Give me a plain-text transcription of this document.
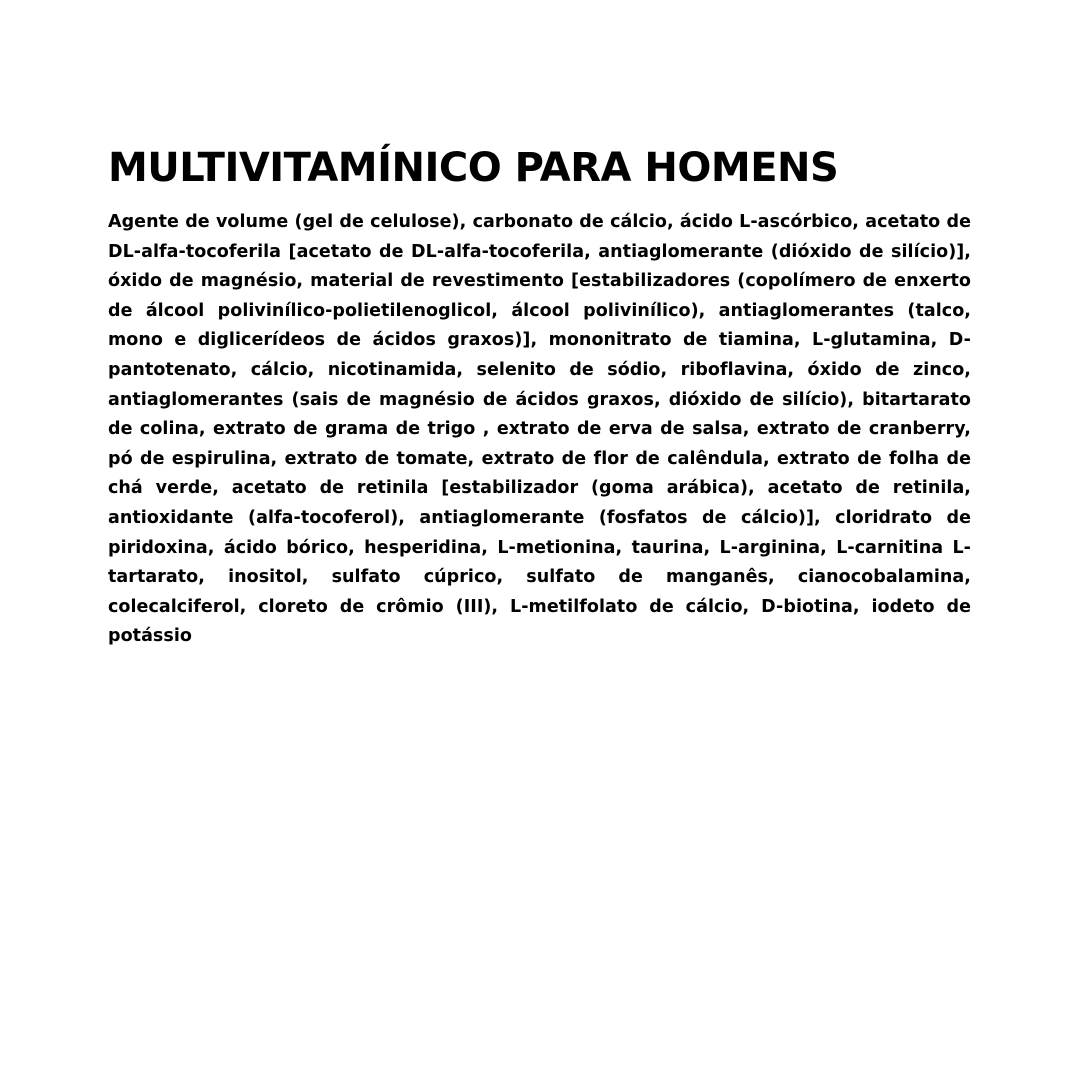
MULTIVITAMÍNICO PARA HOMENS

Agente de volume (gel de celulose), carbonato de cálcio, ácido L-ascórbico, acetato de DL-alfa-tocoferila [acetato de DL-alfa-tocoferila, antiaglomerante (dióxido de silício)], óxido de magnésio, material de revestimento [estabilizadores (copolímero de enxerto de álcool polivinílico-polietilenoglicol, álcool polivinílico), antiaglomerantes (talco, mono e diglicerídeos de ácidos graxos)], mononitrato de tiamina, L-glutamina, D-pantotenato, cálcio, nicotinamida, selenito de sódio, riboflavina, óxido de zinco, antiaglomerantes (sais de magnésio de ácidos graxos, dióxido de silício), bitartarato de colina, extrato de grama de trigo , extrato de erva de salsa, extrato de cranberry, pó de espirulina, extrato de tomate, extrato de flor de calêndula, extrato de folha de chá verde, acetato de retinila [estabilizador (goma arábica), acetato de retinila, antioxidante (alfa-tocoferol), antiaglomerante (fosfatos de cálcio)], cloridrato de piridoxina, ácido bórico, hesperidina, L-metionina, taurina, L-arginina, L-carnitina L-tartarato, inositol, sulfato cúprico, sulfato de manganês, cianocobalamina, colecalciferol, cloreto de crômio (III), L-metilfolato de cálcio, D-biotina, iodeto de potássio
